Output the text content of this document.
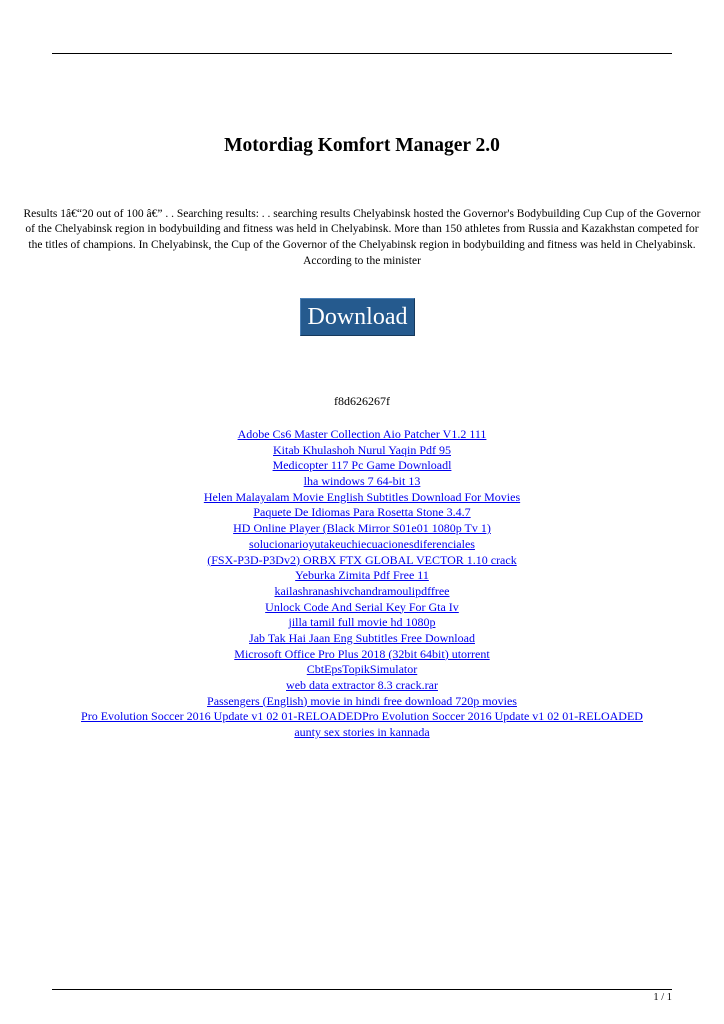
Motordiag Komfort Manager 2.0

Results 1â€“20 out of 100 â€” . . Searching results: . . searching results Chelyabinsk hosted the Governor's Bodybuilding Cup Cup of the Governor of the Chelyabinsk region in bodybuilding and fitness was held in Chelyabinsk. More than 150 athletes from Russia and Kazakhstan competed for the titles of champions. In Chelyabinsk, the Cup of the Governor of the Chelyabinsk region in bodybuilding and fitness was held in Chelyabinsk. According to the minister

Download
f8d626267f
Adobe Cs6 Master Collection Aio Patcher V1.2 111
Kitab Khulashoh Nurul Yaqin Pdf 95
Medicopter 117 Pc Game Downloadl
lha windows 7 64-bit 13
Helen Malayalam Movie English Subtitles Download For Movies
Paquete De Idiomas Para Rosetta Stone 3.4.7
HD Online Player (Black Mirror S01e01 1080p Tv 1)
solucionarioyutakeuchiecuacionesdiferenciales
(FSX-P3D-P3Dv2) ORBX FTX GLOBAL VECTOR 1.10 crack
Yeburka Zimita Pdf Free 11
kailashranashivchandramoulipdffree
Unlock Code And Serial Key For Gta Iv
jilla tamil full movie hd 1080p
Jab Tak Hai Jaan Eng Subtitles Free Download
Microsoft Office Pro Plus 2018 (32bit 64bit) utorrent
CbtEpsTopikSimulator
web data extractor 8.3 crack.rar
Passengers (English) movie in hindi free download 720p movies
Pro Evolution Soccer 2016 Update v1 02 01-RELOADEDPro Evolution Soccer 2016 Update v1 02 01-RELOADED
aunty sex stories in kannada
1 / 1
